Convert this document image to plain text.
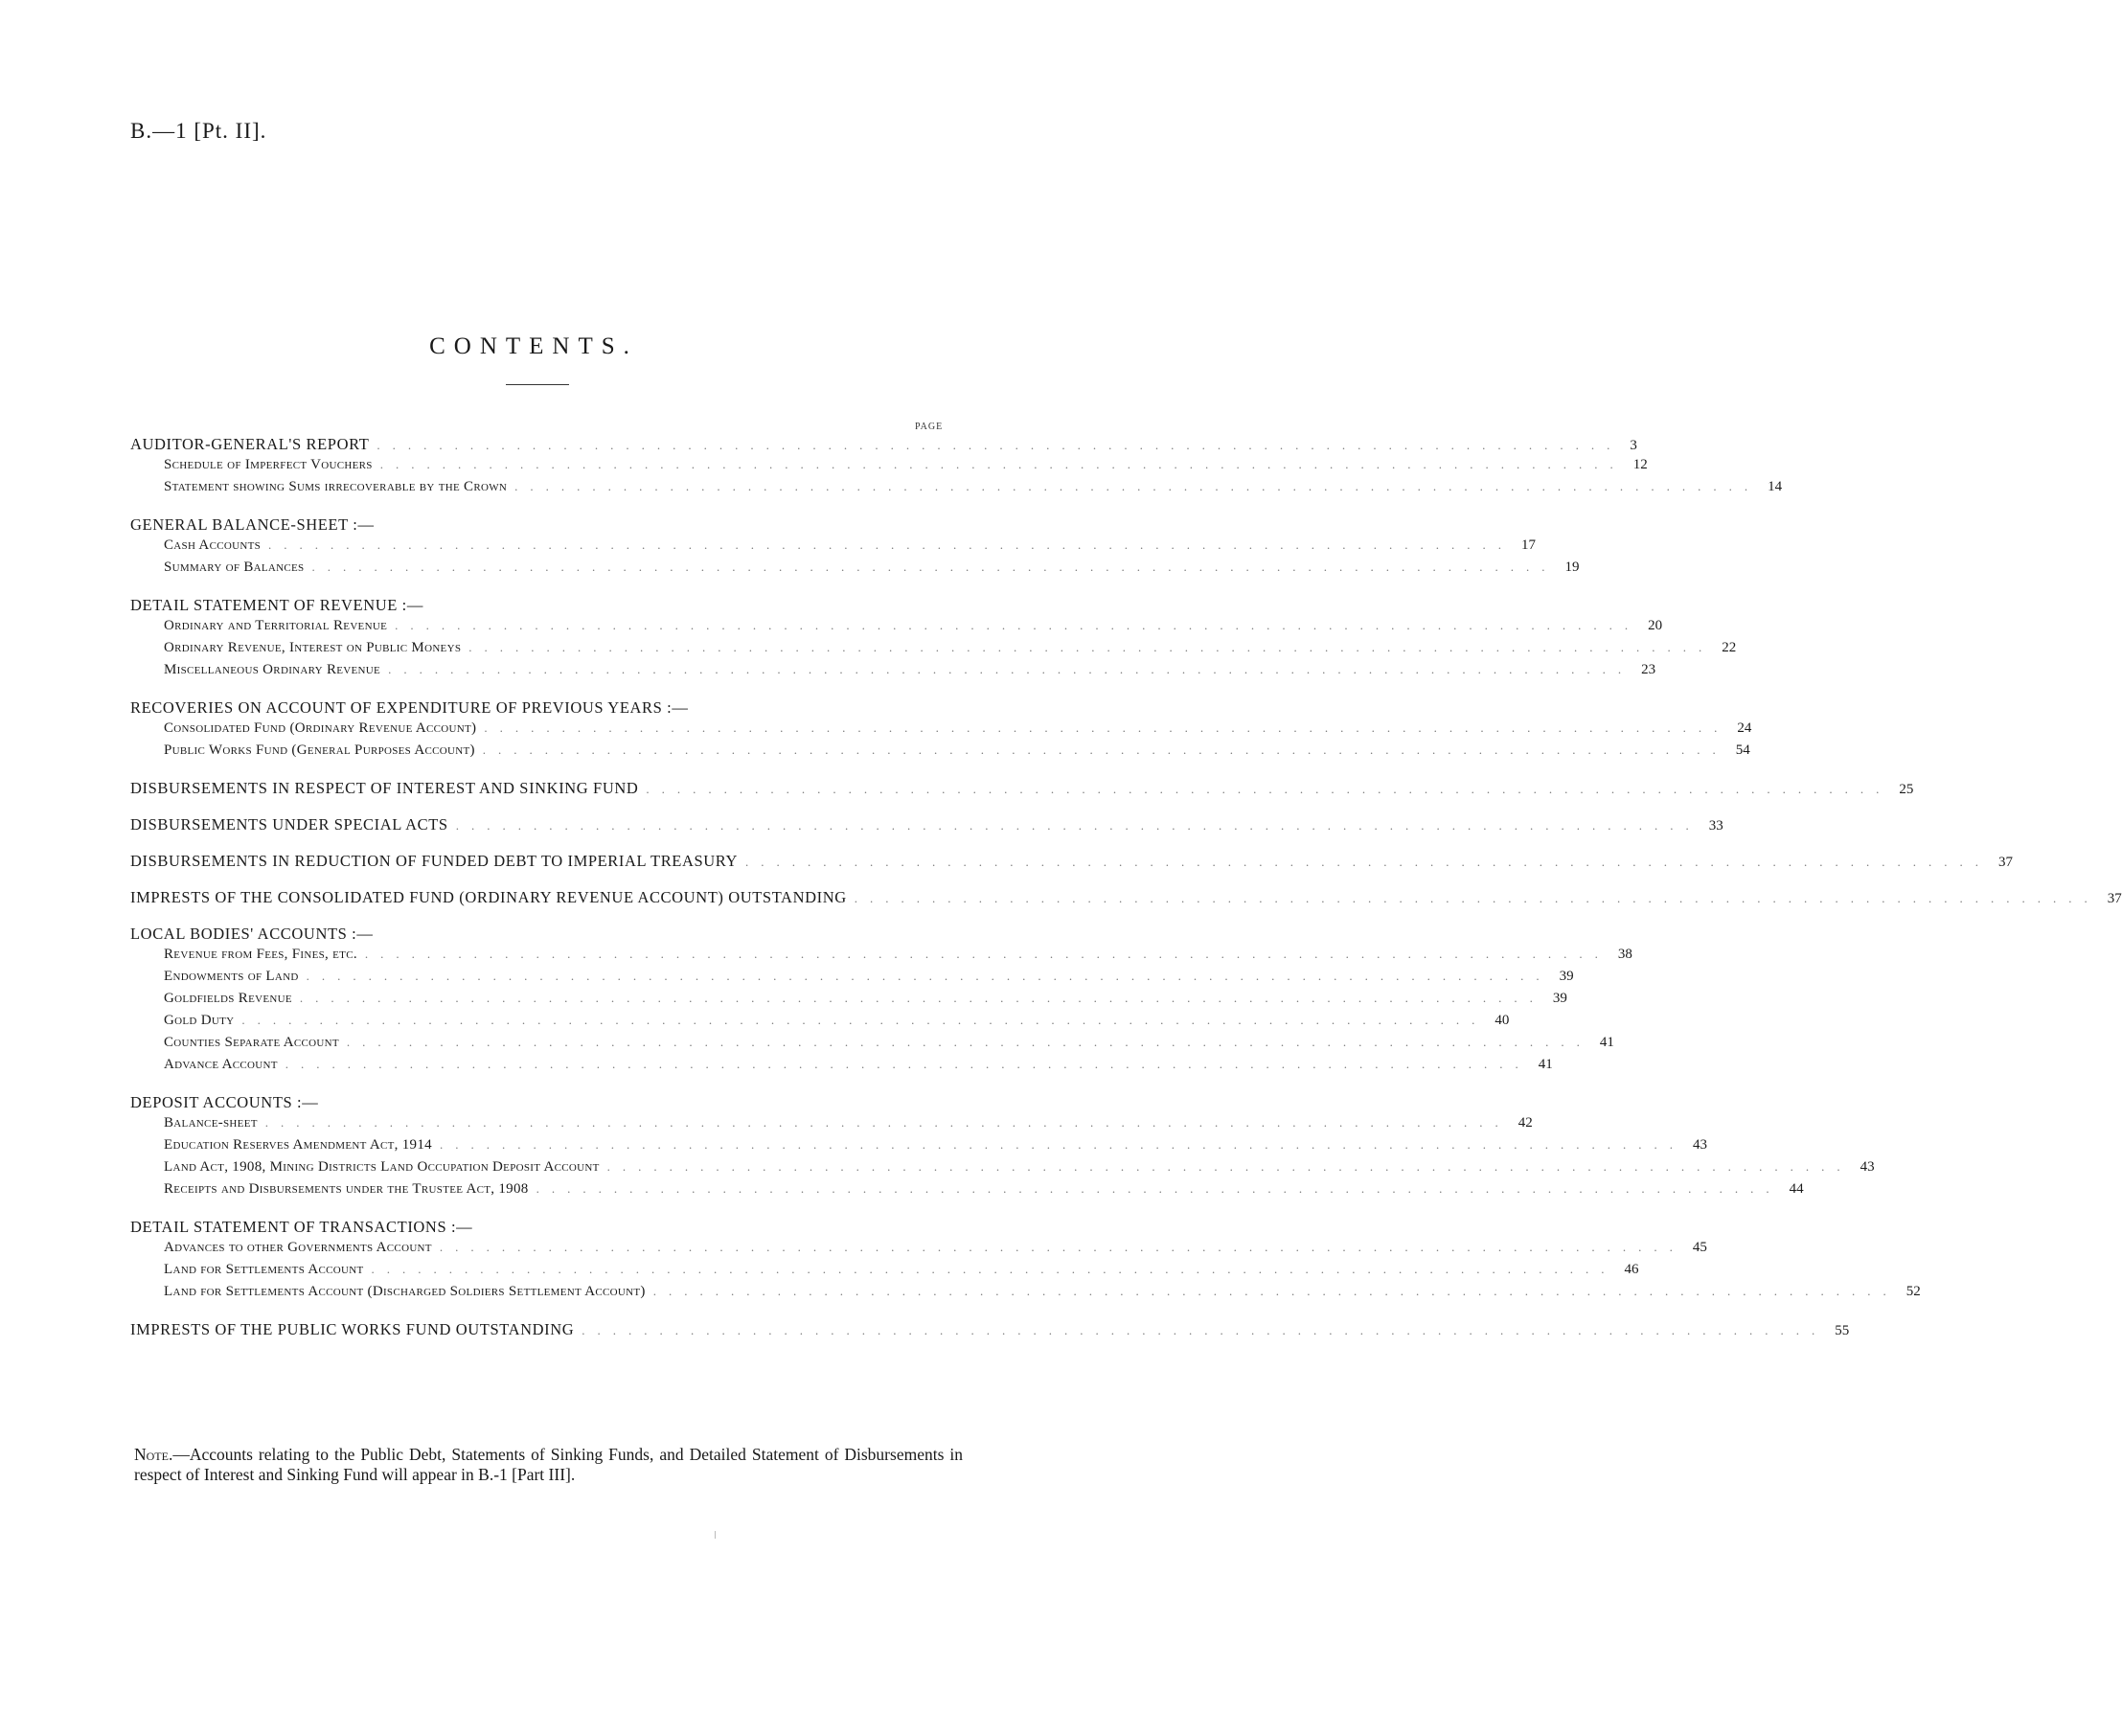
B.—1 [Pt. II].
CONTENTS.
PAGE
AUDITOR-GENERAL'S REPORT ................................................................................ 3
Schedule of Imperfect Vouchers ................................................................................ 12
Statement showing Sums irrecoverable by the Crown ................................................................................ 14
GENERAL BALANCE-SHEET :—
Cash Accounts ................................................................................ 17
Summary of Balances ................................................................................ 19
DETAIL STATEMENT OF REVENUE :—
Ordinary and Territorial Revenue ................................................................................ 20
Ordinary Revenue, Interest on Public Moneys ................................................................................ 22
Miscellaneous Ordinary Revenue ................................................................................ 23
RECOVERIES ON ACCOUNT OF EXPENDITURE OF PREVIOUS YEARS :—
Consolidated Fund (Ordinary Revenue Account) ................................................................................ 24
Public Works Fund (General Purposes Account) ................................................................................ 54
DISBURSEMENTS IN RESPECT OF INTEREST AND SINKING FUND ................................................................................ 25
DISBURSEMENTS UNDER SPECIAL ACTS ................................................................................ 33
DISBURSEMENTS IN REDUCTION OF FUNDED DEBT TO IMPERIAL TREASURY ................................................................................ 37
IMPRESTS OF THE CONSOLIDATED FUND (ORDINARY REVENUE ACCOUNT) OUTSTANDING ................................................................................ 37
LOCAL BODIES' ACCOUNTS :—
Revenue from Fees, Fines, etc. ................................................................................ 38
Endowments of Land ................................................................................ 39
Goldfields Revenue ................................................................................ 39
Gold Duty ................................................................................ 40
Counties Separate Account ................................................................................ 41
Advance Account ................................................................................ 41
DEPOSIT ACCOUNTS :—
Balance-sheet ................................................................................ 42
Education Reserves Amendment Act, 1914 ................................................................................ 43
Land Act, 1908, Mining Districts Land Occupation Deposit Account ................................................................................ 43
Receipts and Disbursements under the Trustee Act, 1908 ................................................................................ 44
DETAIL STATEMENT OF TRANSACTIONS :—
Advances to other Governments Account ................................................................................ 45
Land for Settlements Account ................................................................................ 46
Land for Settlements Account (Discharged Soldiers Settlement Account) ................................................................................ 52
IMPRESTS OF THE PUBLIC WORKS FUND OUTSTANDING ................................................................................ 55
Note.—Accounts relating to the Public Debt, Statements of Sinking Funds, and Detailed Statement of Disbursements in respect of Interest and Sinking Fund will appear in B.-1 [Part III].
